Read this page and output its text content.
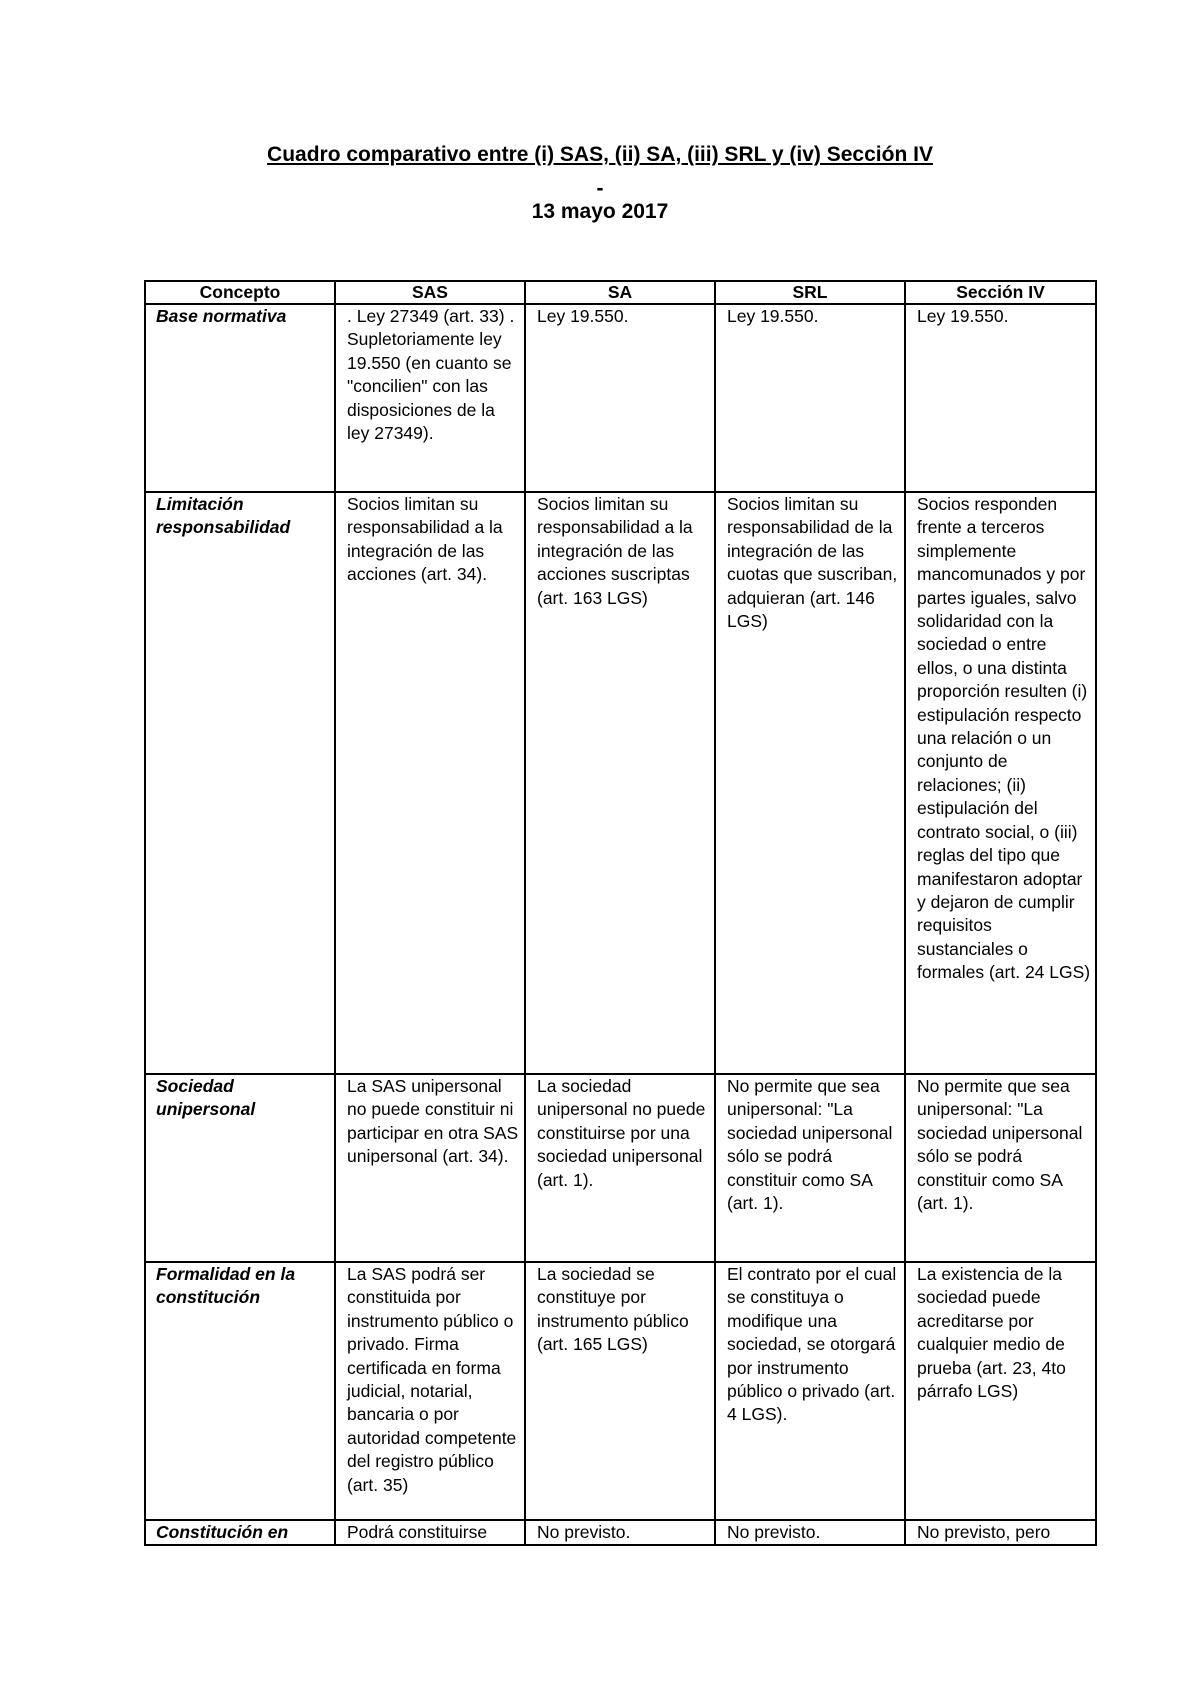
Cuadro comparativo entre (i) SAS, (ii) SA, (iii) SRL y (iv) Sección IV
-
13 mayo 2017
Concepto	SAS	SA	SRL	Sección IV
Base normativa	. Ley 27349 (art. 33) . Supletoriamente ley 19.550 (en cuanto se "concilien" con las disposiciones de la ley 27349).	Ley 19.550.	Ley 19.550.	Ley 19.550.
Limitación responsabilidad	Socios limitan su responsabilidad a la integración de las acciones (art. 34).	Socios limitan su responsabilidad a la integración de las acciones suscriptas (art. 163 LGS)	Socios limitan su responsabilidad de la integración de las cuotas que suscriban, adquieran (art. 146 LGS)	Socios responden frente a terceros simplemente mancomunados y por partes iguales, salvo solidaridad con la sociedad o entre ellos, o una distinta proporción resulten (i) estipulación respecto una relación o un conjunto de relaciones; (ii) estipulación del contrato social, o (iii) reglas del tipo que manifestaron adoptar y dejaron de cumplir requisitos sustanciales o formales (art. 24 LGS)
Sociedad unipersonal	La SAS unipersonal no puede constituir ni participar en otra SAS unipersonal (art. 34).	La sociedad unipersonal no puede constituirse por una sociedad unipersonal (art. 1).	No permite que sea unipersonal: "La sociedad unipersonal sólo se podrá constituir como SA (art. 1).	No permite que sea unipersonal: "La sociedad unipersonal sólo se podrá constituir como SA (art. 1).
Formalidad en la constitución	La SAS podrá ser constituida por instrumento público o privado. Firma certificada en forma judicial, notarial, bancaria o por autoridad competente del registro público (art. 35)	La sociedad se constituye por instrumento público (art. 165 LGS)	El contrato por el cual se constituya o modifique una sociedad, se otorgará por instrumento público o privado (art. 4 LGS).	La existencia de la sociedad puede acreditarse por cualquier medio de prueba (art. 23, 4to párrafo LGS)
Constitución en	Podrá constituirse	No previsto.	No previsto.	No previsto, pero
